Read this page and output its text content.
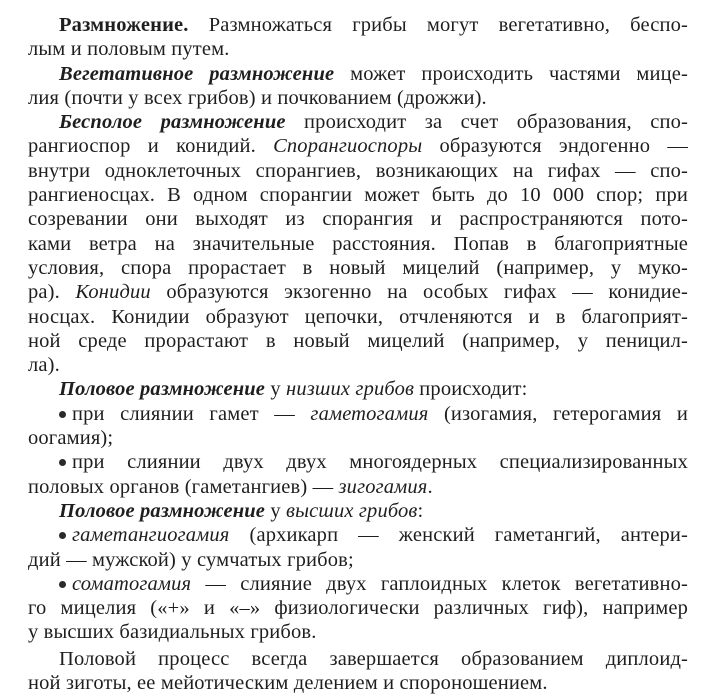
Размножение. Размножаться грибы могут вегетативно, беспо-
лым и половым путем.
Вегетативное размножение может происходить частями мице-
лия (почти у всех грибов) и почкованием (дрожжи).
Бесполое размножение происходит за счет образования, спо-
рангиоспор и конидий. Спорангиоспоры образуются эндогенно —
внутри одноклеточных спорангиев, возникающих на гифах — спо-
рангиеносцах. В одном спорангии может быть до 10 000 спор; при
созревании они выходят из спорангия и распространяются пото-
ками ветра на значительные расстояния. Попав в благоприятные
условия, спора прорастает в новый мицелий (например, у муко-
ра). Конидии образуются экзогенно на особых гифах — конидие-
носцах. Конидии образуют цепочки, отчленяются и в благоприят-
ной среде прорастают в новый мицелий (например, у пеницил-
ла).
Половое размножение у низших грибов происходит:
при слиянии гамет — гаметогамия (изогамия, гетерогамия и
оогамия);
при слиянии двух двух многоядерных специализированных
половых органов (гаметангиев) — зигогамия.
Половое размножение у высших грибов:
гаметангиогамия (архикарп — женский гаметангий, антери-
дий — мужской) у сумчатых грибов;
соматогамия — слияние двух гаплоидных клеток вегетативно-
го мицелия («+» и «–» физиологически различных гиф), например
у высших базидиальных грибов.
Половой процесс всегда завершается образованием диплоид-
ной зиготы, ее мейотическим делением и спороношением.
